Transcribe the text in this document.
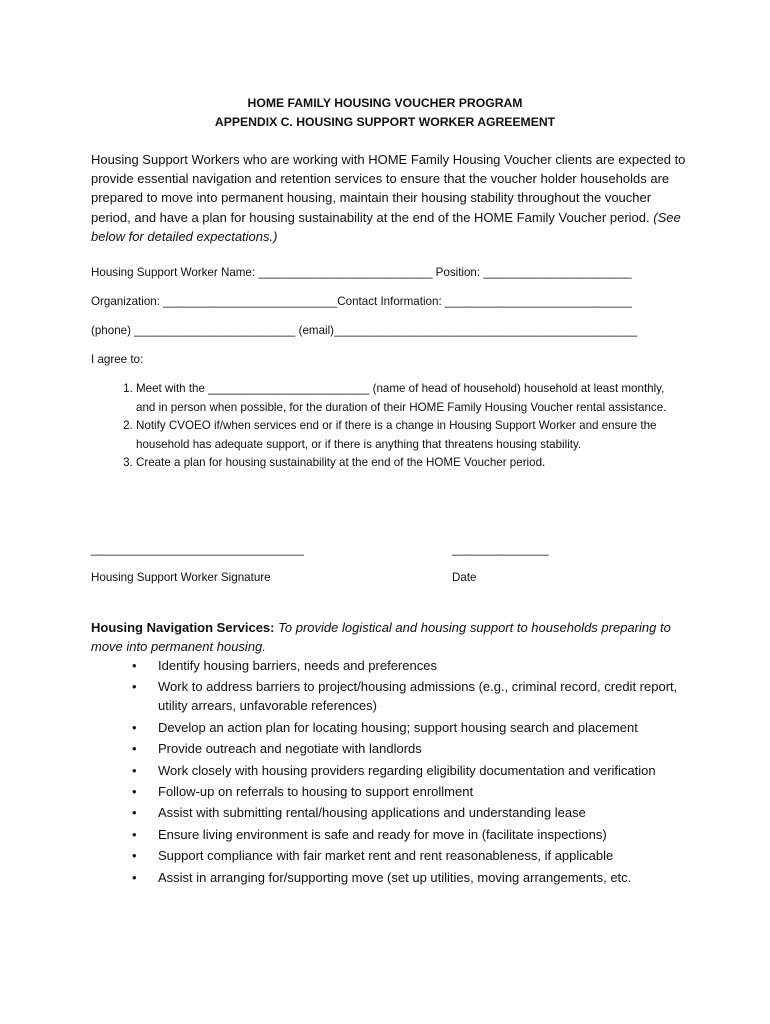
HOME FAMILY HOUSING VOUCHER PROGRAM
APPENDIX C. HOUSING SUPPORT WORKER AGREEMENT
Housing Support Workers who are working with HOME Family Housing Voucher clients are expected to provide essential navigation and retention services to ensure that the voucher holder households are prepared to move into permanent housing, maintain their housing stability throughout the voucher period, and have a plan for housing sustainability at the end of the HOME Family Voucher period. (See below for detailed expectations.)
Housing Support Worker Name: ___________________________ Position: _______________________
Organization: ___________________________Contact Information: _____________________________
(phone) _________________________ (email)_______________________________________________
I agree to:
1. Meet with the _________________________ (name of head of household) household at least monthly, and in person when possible, for the duration of their HOME Family Housing Voucher rental assistance.
2. Notify CVOEO if/when services end or if there is a change in Housing Support Worker and ensure the household has adequate support, or if there is anything that threatens housing stability.
3. Create a plan for housing sustainability at the end of the HOME Voucher period.
_________________________________	_______________
Housing Support Worker Signature	Date
Housing Navigation Services: To provide logistical and housing support to households preparing to move into permanent housing.
• Identify housing barriers, needs and preferences
• Work to address barriers to project/housing admissions (e.g., criminal record, credit report, utility arrears, unfavorable references)
• Develop an action plan for locating housing; support housing search and placement
• Provide outreach and negotiate with landlords
• Work closely with housing providers regarding eligibility documentation and verification
• Follow-up on referrals to housing to support enrollment
• Assist with submitting rental/housing applications and understanding lease
• Ensure living environment is safe and ready for move in (facilitate inspections)
• Support compliance with fair market rent and rent reasonableness, if applicable
• Assist in arranging for/supporting move (set up utilities, moving arrangements, etc.
